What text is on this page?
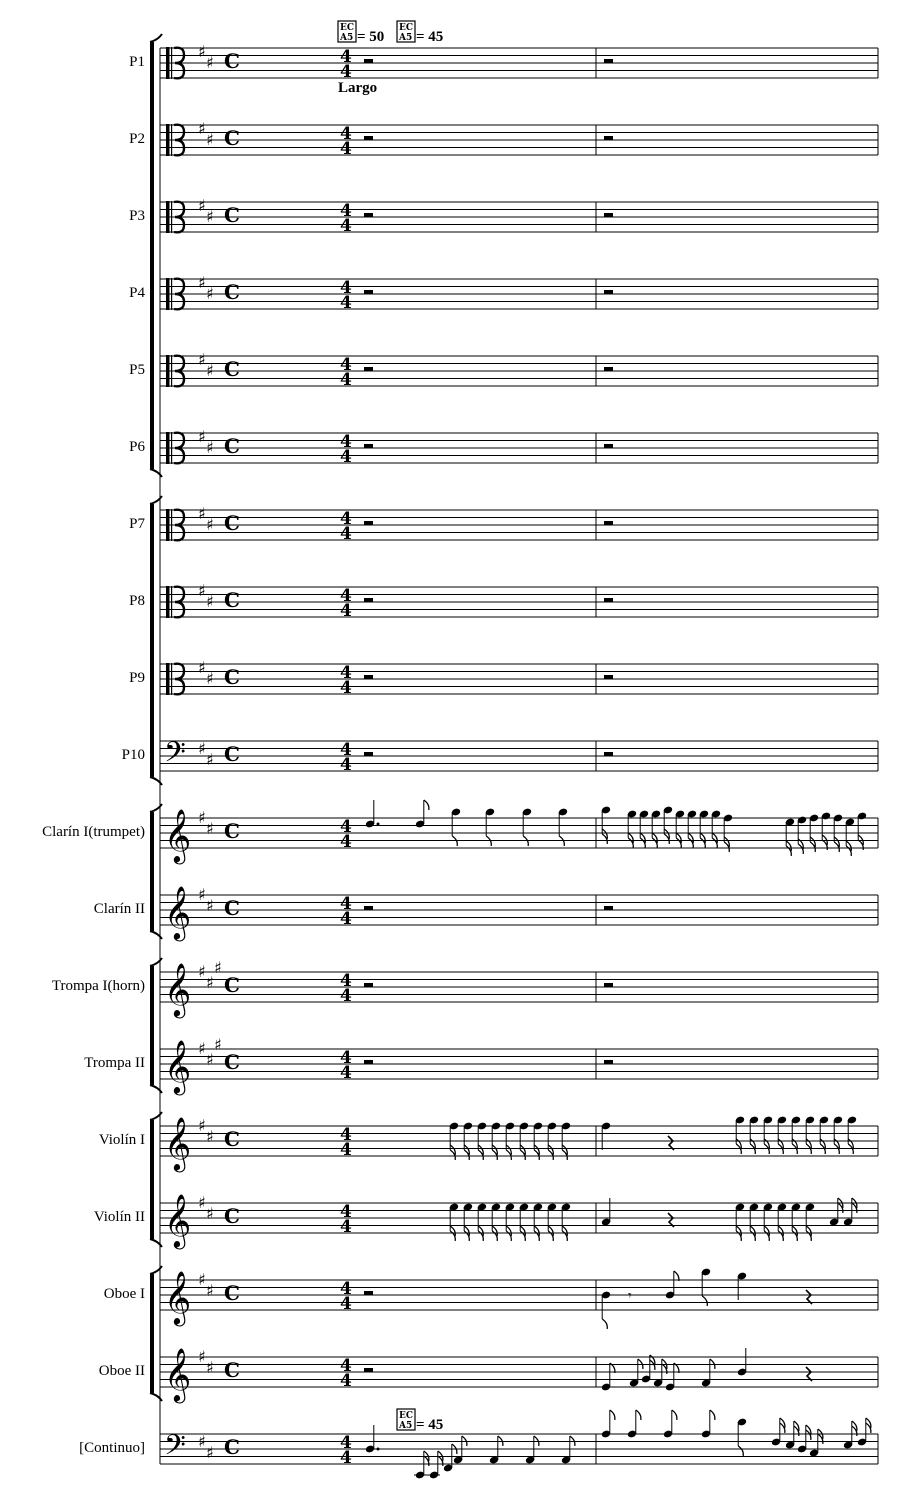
EC
A5 = 50
EC
A5 = 45
Largo
EC
A5 = 45
P1
♯
♯ C	4
4
P2
♯
♯ C	4
4
P3
♯
♯ C	4
4
P4
♯
♯ C	4
4
P5
♯
♯ C	4
4
P6
♯
♯ C	4
4
P7
♯
♯ C	4
4
P8
♯
♯ C	4
4
P9
♯
♯ C	4
4
P10 𝄢 ♯
♯ C	4
4
Clarín I(trumpet) 𝄞 ♯
♯ C	4
4
Clarín II 𝄞 ♯
♯ C	4
4
Trompa I(horn) 𝄞 ♯
♯
♯
C	4
4
Trompa II 𝄞 ♯
♯
♯
C	4
4
Violín I 𝄞 ♯
♯ C	4
4
Violín II 𝄞 ♯
♯ C	4
4
Oboe I 𝄞 ♯
♯ C	4
4
Oboe II 𝄞 ♯
♯ C	4
4
[Continuo] 𝄢 ♯
♯ C	4
4
𝄾
